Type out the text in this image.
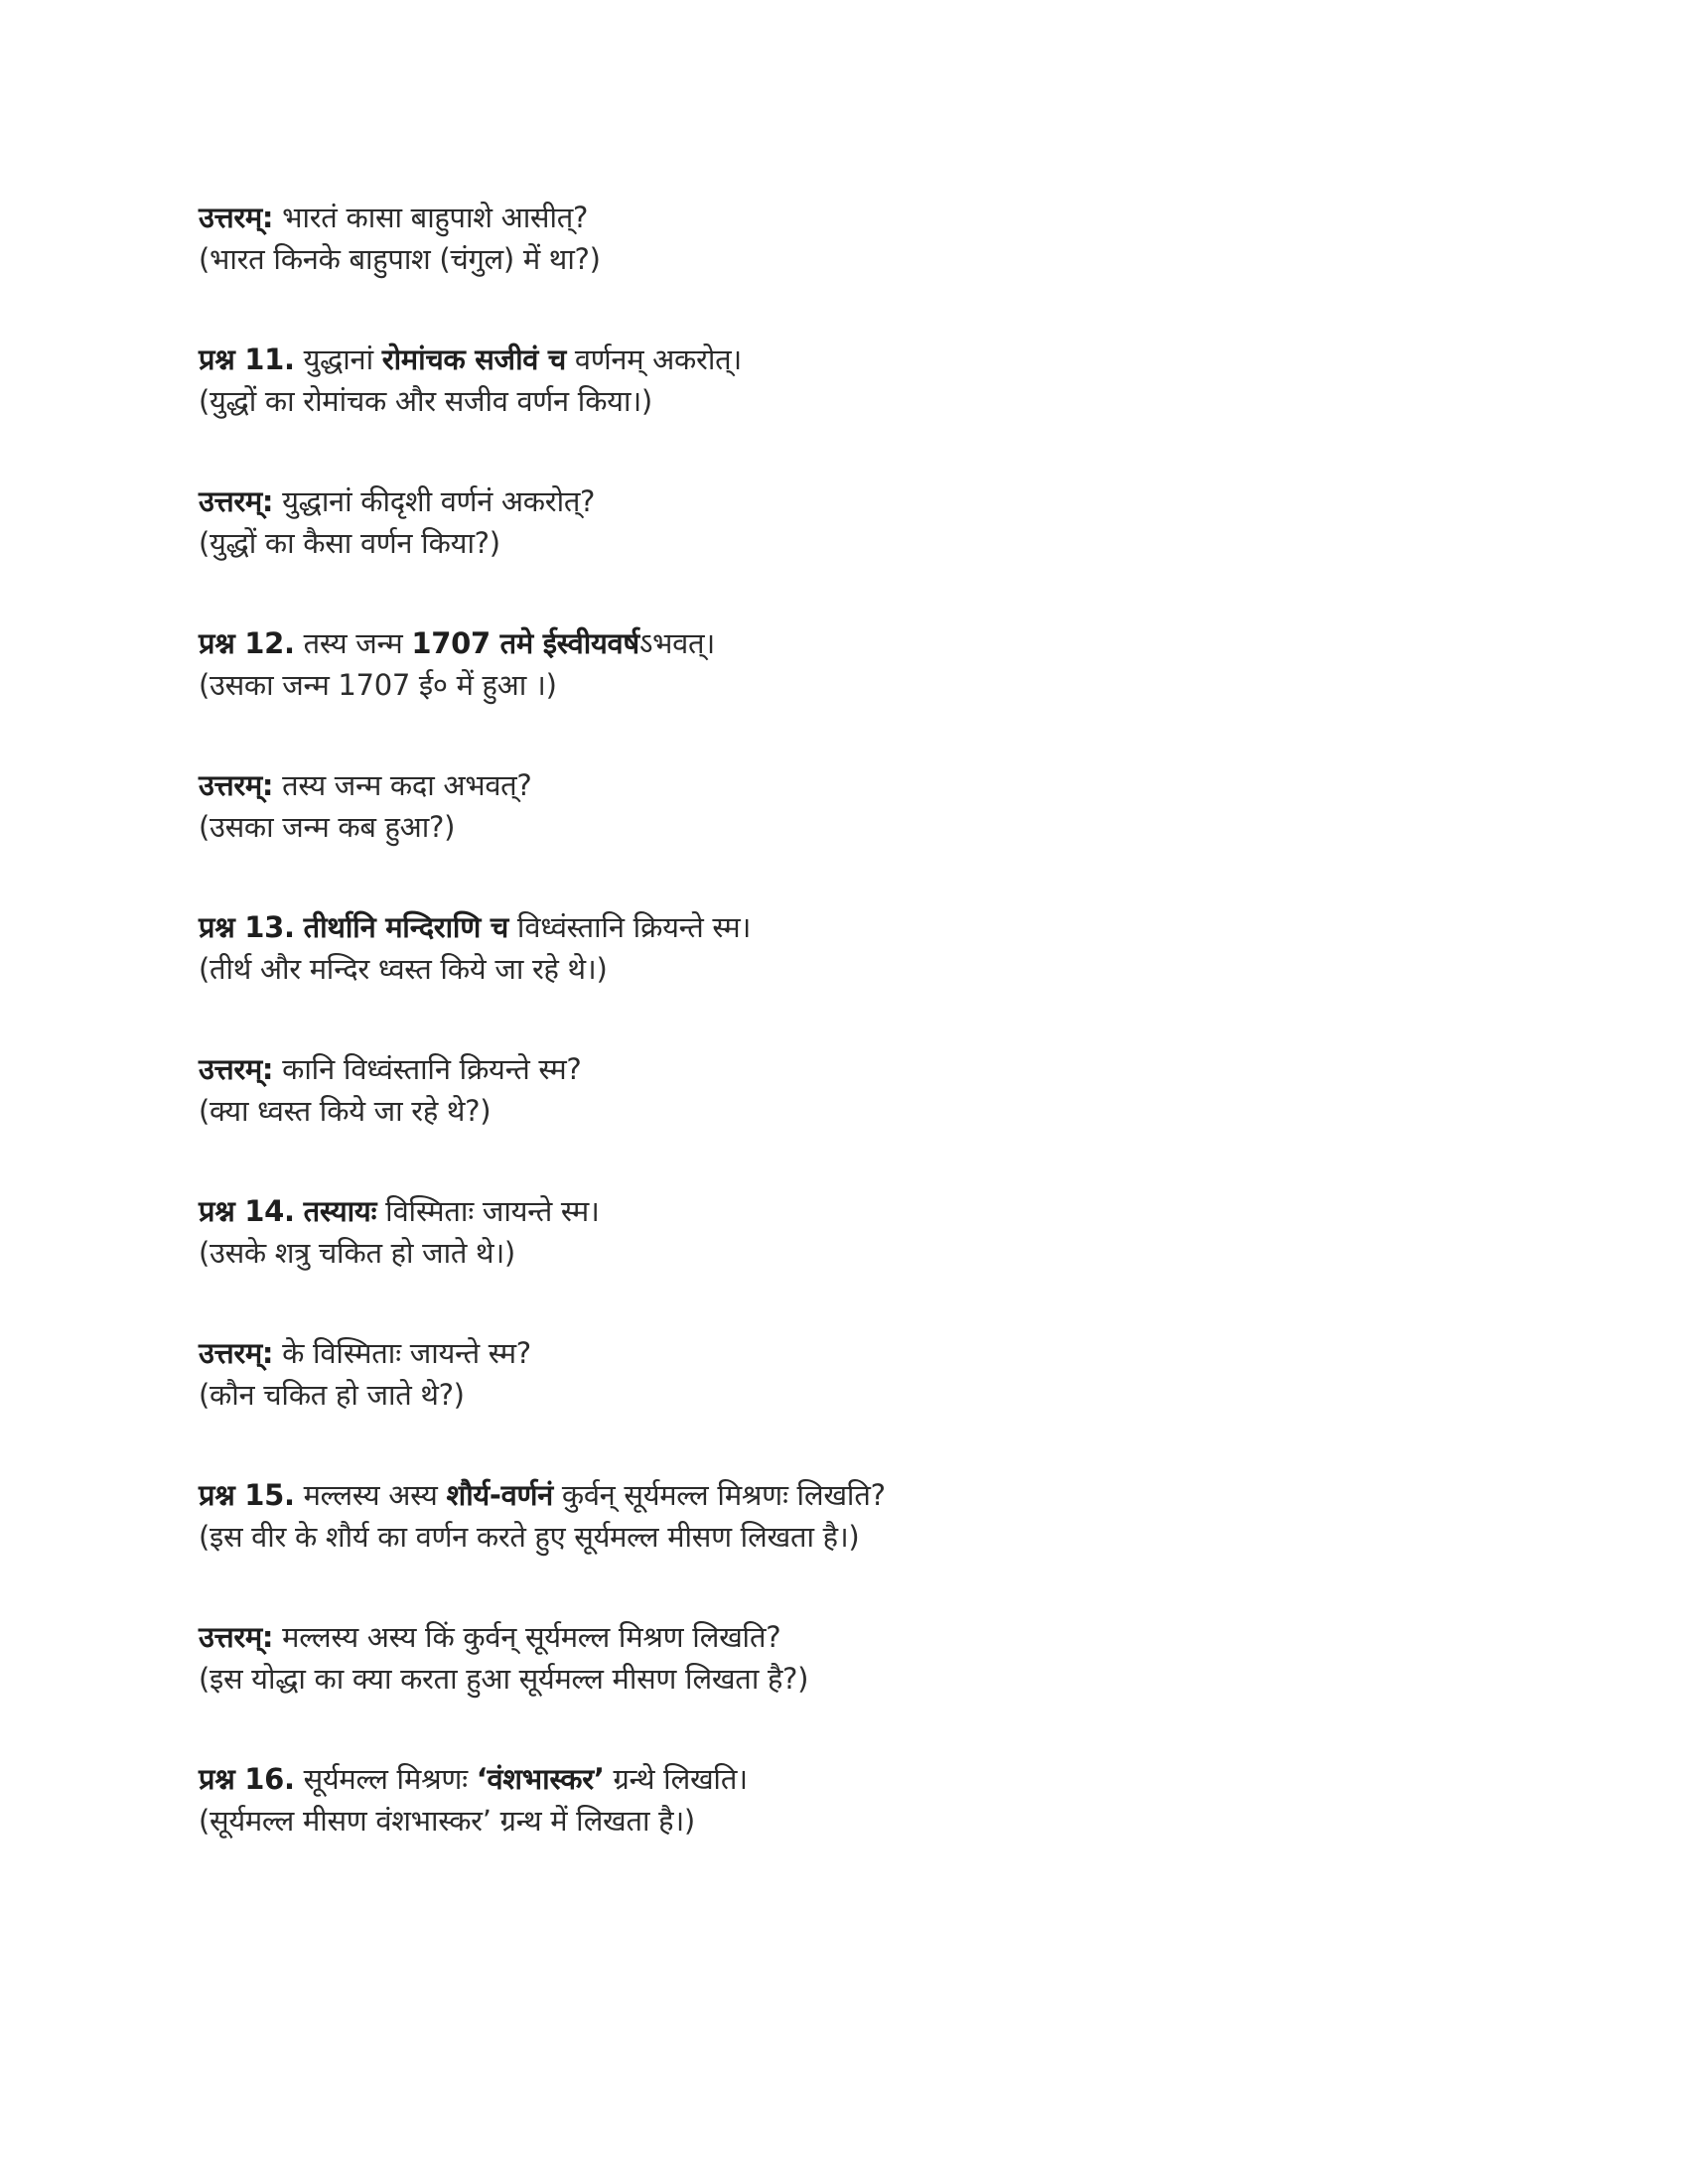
उत्तरम्: भारतं कासा बाहुपाशे आसीत्?
(भारत किनके बाहुपाश (चंगुल) में था?)
प्रश्न 11. युद्धानां रोमांचक सजीवं च वर्णनम् अकरोत्।
(युद्धों का रोमांचक और सजीव वर्णन किया।)
उत्तरम्: युद्धानां कीदृशी वर्णनं अकरोत्?
(युद्धों का कैसा वर्णन किया?)
प्रश्न 12. तस्य जन्म 1707 तमे ईस्वीयवर्षऽभवत्।
(उसका जन्म 1707 ई० में हुआ ।)
उत्तरम्: तस्य जन्म कदा अभवत्?
(उसका जन्म कब हुआ?)
प्रश्न 13. तीर्थानि मन्दिराणि च विध्वंस्तानि क्रियन्ते स्म।
(तीर्थ और मन्दिर ध्वस्त किये जा रहे थे।)
उत्तरम्: कानि विध्वंस्तानि क्रियन्ते स्म?
(क्या ध्वस्त किये जा रहे थे?)
प्रश्न 14. तस्यायः विस्मिताः जायन्ते स्म।
(उसके शत्रु चकित हो जाते थे।)
उत्तरम्: के विस्मिताः जायन्ते स्म?
(कौन चकित हो जाते थे?)
प्रश्न 15. मल्लस्य अस्य शौर्य-वर्णनं कुर्वन् सूर्यमल्ल मिश्रणः लिखति?
(इस वीर के शौर्य का वर्णन करते हुए सूर्यमल्ल मीसण लिखता है।)
उत्तरम्: मल्लस्य अस्य किं कुर्वन् सूर्यमल्ल मिश्रण लिखति?
(इस योद्धा का क्या करता हुआ सूर्यमल्ल मीसण लिखता है?)
प्रश्न 16. सूर्यमल्ल मिश्रणः ‘वंशभास्कर’ ग्रन्थे लिखति।
(सूर्यमल्ल मीसण वंशभास्कर’ ग्रन्थ में लिखता है।)
